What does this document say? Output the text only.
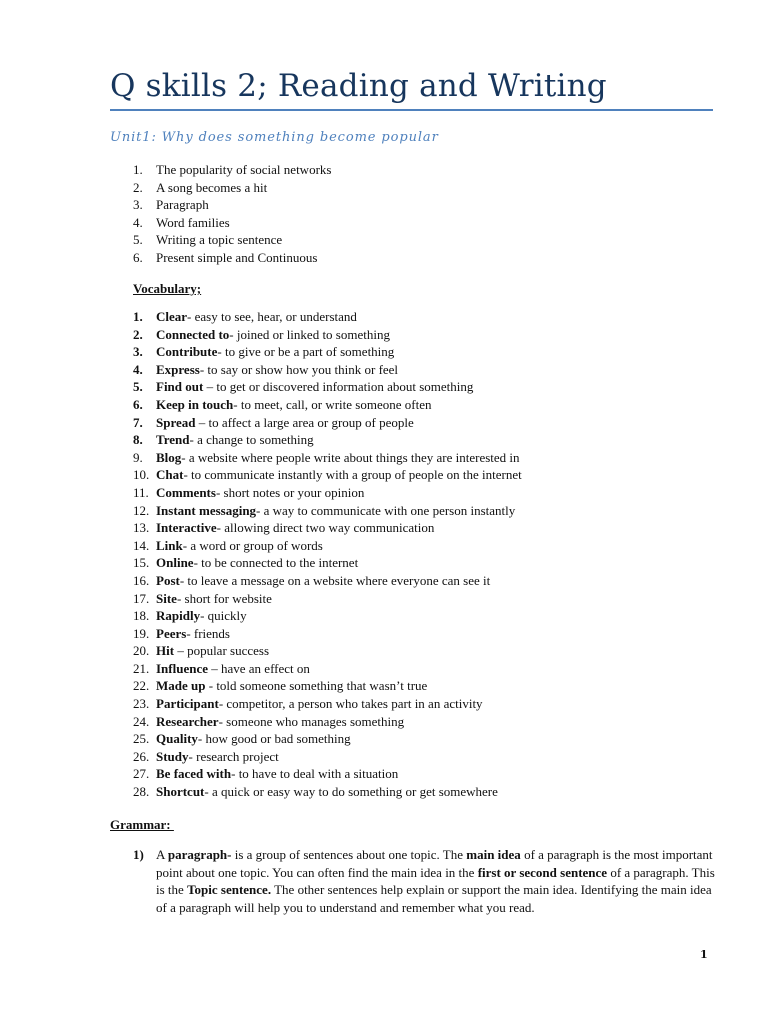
Q skills 2; Reading and Writing
Unit1: Why does something become popular
1. The popularity of social networks
2. A song becomes a hit
3. Paragraph
4. Word families
5. Writing a topic sentence
6. Present simple and Continuous
Vocabulary;
1. Clear- easy to see, hear, or understand
2. Connected to- joined or linked to something
3. Contribute- to give or be a part of something
4. Express- to say or show how you think or feel
5. Find out – to get or discovered information about something
6. Keep in touch- to meet, call, or write someone often
7. Spread – to affect a large area or group of people
8. Trend- a change to something
9. Blog- a website where people write about things they are interested in
10. Chat- to communicate instantly with a group of people on the internet
11. Comments- short notes or your opinion
12. Instant messaging- a way to communicate with one person instantly
13. Interactive- allowing direct two way communication
14. Link- a word or group of words
15. Online- to be connected to the internet
16. Post- to leave a message on a website where everyone can see it
17. Site- short for website
18. Rapidly- quickly
19. Peers- friends
20. Hit – popular success
21. Influence – have an effect on
22. Made up - told someone something that wasn’t true
23. Participant- competitor, a person who takes part in an activity
24. Researcher- someone who manages something
25. Quality- how good or bad something
26. Study- research project
27. Be faced with- to have to deal with a situation
28. Shortcut- a quick or easy way to do something or get somewhere
Grammar:
1) A paragraph- is a group of sentences about one topic. The main idea of a paragraph is the most important point about one topic. You can often find the main idea in the first or second sentence of a paragraph. This is the Topic sentence. The other sentences help explain or support the main idea. Identifying the main idea of a paragraph will help you to understand and remember what you read.
1
